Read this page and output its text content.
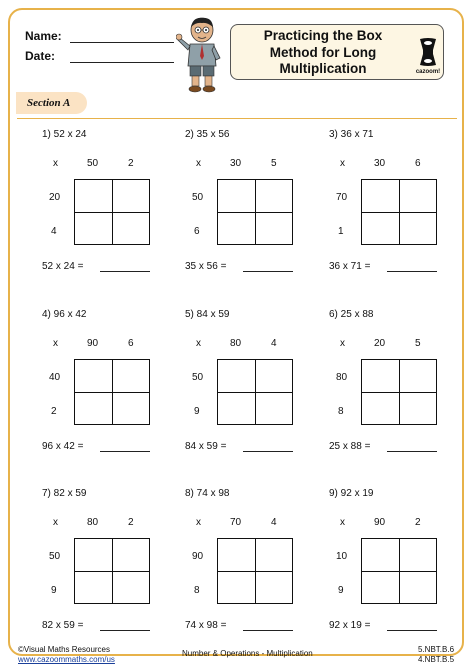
Name:
Date:
Practicing the Box
Method for Long
Multiplication	cazoom!
Section A
1) 52 x 24
x	50	2
20
4
52 x 24 =
2) 35 x 56
x	30	5
50
6
35 x 56 =
3) 36 x 71
x	30	6
70
1
36 x 71 =
4) 96 x 42
x	90	6
40
2
96 x 42 =
5) 84 x 59
x	80	4
50
9
84 x 59 =
6) 25 x 88
x	20	5
80
8
25 x 88 =
7) 82 x 59
x	80	2
50
9
82 x 59 =
8) 74 x 98
x	70	4
90
8
74 x 98 =
9) 92 x 19
x	90	2
10
9
92 x 19 =
©Visual Maths Resources
www.cazoommaths.com/us
Number & Operations - Multiplication	5.NBT.B.6
4.NBT.B.5
